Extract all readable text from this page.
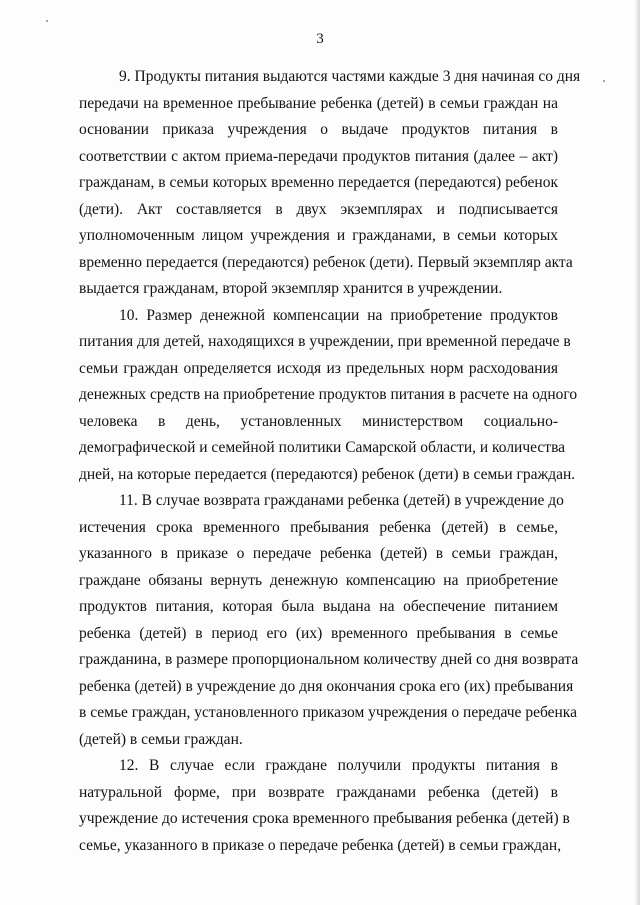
3

9. Продукты питания выдаются частями каждые 3 дня начиная со дня
передачи на временное пребывание ребенка (детей) в семьи граждан на
основании приказа учреждения о выдаче продуктов питания в
соответствии с актом приема-передачи продуктов питания (далее – акт)
гражданам, в семьи которых временно передается (передаются) ребенок
(дети). Акт составляется в двух экземплярах и подписывается
уполномоченным лицом учреждения и гражданами, в семьи которых
временно передается (передаются) ребенок (дети). Первый экземпляр акта
выдается гражданам, второй экземпляр хранится в учреждении.

10. Размер денежной компенсации на приобретение продуктов
питания для детей, находящихся в учреждении, при временной передаче в
семьи граждан определяется исходя из предельных норм расходования
денежных средств на приобретение продуктов питания в расчете на одного
человека в день, установленных министерством социально-
демографической и семейной политики Самарской области, и количества
дней, на которые передается (передаются) ребенок (дети) в семьи граждан.

11. В случае возврата гражданами ребенка (детей) в учреждение до
истечения срока временного пребывания ребенка (детей) в семье,
указанного в приказе о передаче ребенка (детей) в семьи граждан,
граждане обязаны вернуть денежную компенсацию на приобретение
продуктов питания, которая была выдана на обеспечение питанием
ребенка (детей) в период его (их) временного пребывания в семье
гражданина, в размере пропорциональном количеству дней со дня возврата
ребенка (детей) в учреждение до дня окончания срока его (их) пребывания
в семье граждан, установленного приказом учреждения о передаче ребенка
(детей) в семьи граждан.

12. В случае если граждане получили продукты питания в
натуральной форме, при возврате гражданами ребенка (детей) в
учреждение до истечения срока временного пребывания ребенка (детей) в
семье, указанного в приказе о передаче ребенка (детей) в семьи граждан,
